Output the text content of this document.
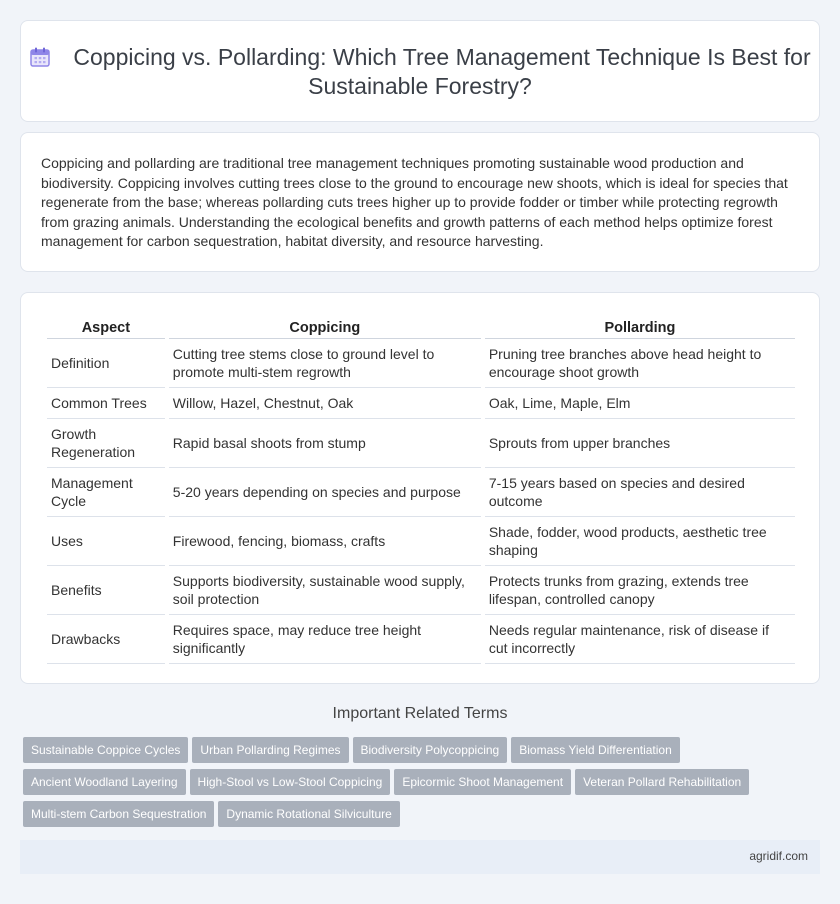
Coppicing vs. Pollarding: Which Tree Management Technique Is Best for Sustainable Forestry?

Coppicing and pollarding are traditional tree management techniques promoting sustainable wood production and biodiversity. Coppicing involves cutting trees close to the ground to encourage new shoots, which is ideal for species that regenerate from the base; whereas pollarding cuts trees higher up to provide fodder or timber while protecting regrowth from grazing animals. Understanding the ecological benefits and growth patterns of each method helps optimize forest management for carbon sequestration, habitat diversity, and resource harvesting.

Aspect	Coppicing	Pollarding
Definition	Cutting tree stems close to ground level to promote multi-stem regrowth	Pruning tree branches above head height to encourage shoot growth
Common Trees	Willow, Hazel, Chestnut, Oak	Oak, Lime, Maple, Elm
Growth Regeneration	Rapid basal shoots from stump	Sprouts from upper branches
Management Cycle	5-20 years depending on species and purpose	7-15 years based on species and desired outcome
Uses	Firewood, fencing, biomass, crafts	Shade, fodder, wood products, aesthetic tree shaping
Benefits	Supports biodiversity, sustainable wood supply, soil protection	Protects trunks from grazing, extends tree lifespan, controlled canopy
Drawbacks	Requires space, may reduce tree height significantly	Needs regular maintenance, risk of disease if cut incorrectly
Important Related Terms
Sustainable Coppice Cycles Urban Pollarding Regimes Biodiversity Polycoppicing Biomass Yield Differentiation
Ancient Woodland Layering High-Stool vs Low-Stool Coppicing Epicormic Shoot Management Veteran Pollard Rehabilitation
Multi-stem Carbon Sequestration Dynamic Rotational Silviculture
agridif.com
